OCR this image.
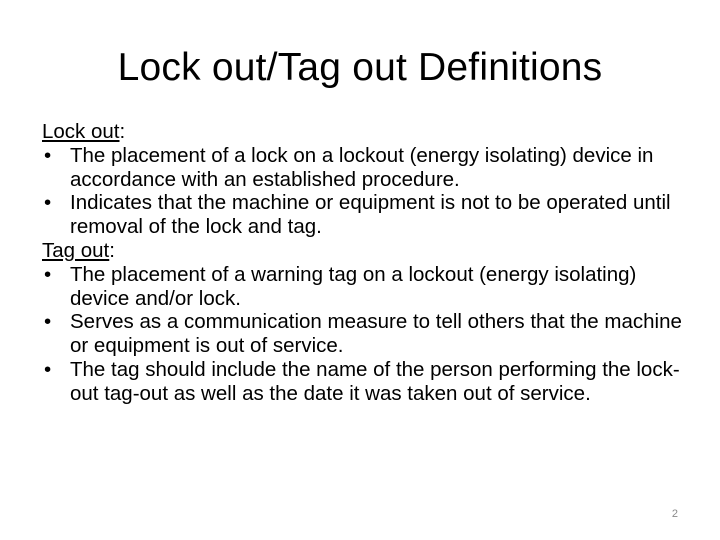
Lock out/Tag out Definitions

Lock out:

• The placement of a lock on a lockout (energy isolating) device in accordance with an established procedure.
• Indicates that the machine or equipment is not to be operated until removal of the lock and tag.

Tag out:

• The placement of a warning tag on a lockout (energy isolating) device and/or lock.
• Serves as a communication measure to tell others that the machine or equipment is out of service.
• The tag should include the name of the person performing the lock-out tag-out as well as the date it was taken out of service.
2
